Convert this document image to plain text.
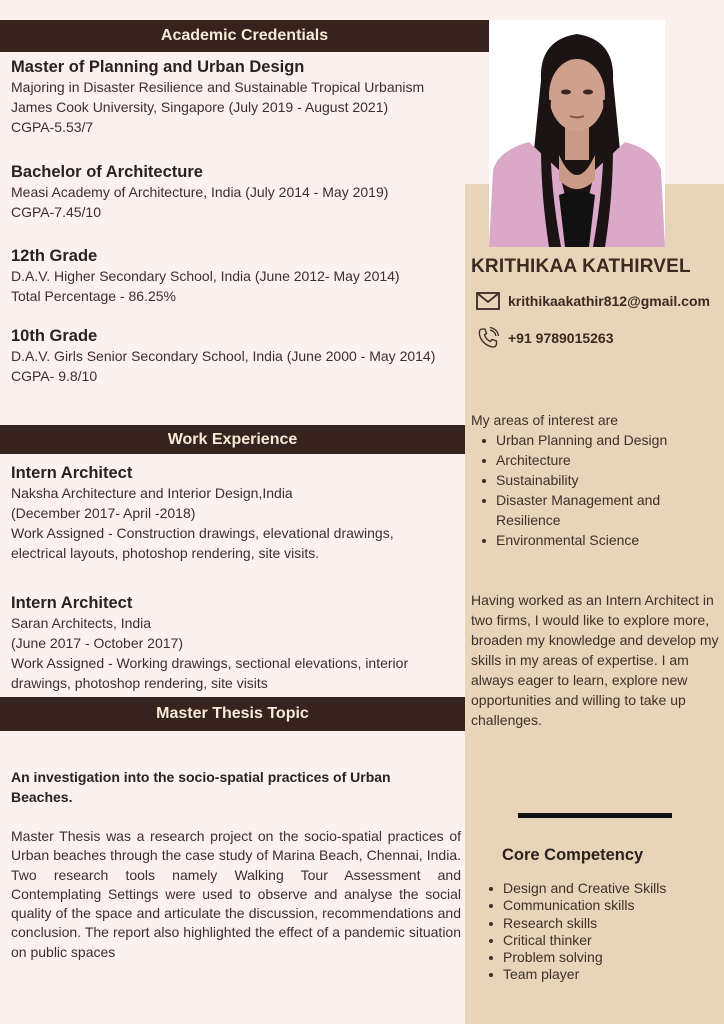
Academic Credentials
Work Experience
Master Thesis Topic
Master of Planning and Urban Design
Majoring in Disaster Resilience and Sustainable Tropical Urbanism
James Cook University, Singapore (July 2019 - August 2021)
CGPA-5.53/7
Bachelor of Architecture
Measi Academy of Architecture, India (July 2014 - May 2019)
CGPA-7.45/10
12th Grade
D.A.V. Higher Secondary School, India (June 2012- May 2014)
Total Percentage - 86.25%
10th Grade
D.A.V. Girls Senior Secondary School, India (June 2000 - May 2014)
CGPA- 9.8/10
Intern Architect
Naksha Architecture and Interior Design,India
(December 2017- April -2018)
Work Assigned - Construction drawings, elevational drawings, electrical layouts, photoshop rendering, site visits.
Intern Architect
Saran Architects, India
(June 2017 - October 2017)
Work Assigned - Working drawings, sectional elevations, interior drawings, photoshop rendering, site visits
An investigation into the socio-spatial practices of Urban Beaches.
Master Thesis was a research project on the socio-spatial practices of Urban beaches through the case study of Marina Beach, Chennai, India. Two research tools namely Walking Tour Assessment and Contemplating Settings were used to observe and analyse the social quality of the space and articulate the discussion, recommendations and conclusion. The report also highlighted the effect of a pandemic situation on public spaces
KRITHIKAA KATHIRVEL
krithikaakathir812@gmail.com
+91 9789015263
My areas of interest are
Urban Planning and Design
Architecture
Sustainability
Disaster Management and Resilience
Environmental Science
Having worked as an Intern Architect in two firms, I would like to explore more, broaden my knowledge and develop my skills in my areas of expertise. I am always eager to learn, explore new opportunities and willing to take up challenges.
Core Competency
Design and Creative Skills
Communication skills
Research skills
Critical thinker
Problem solving
Team player
